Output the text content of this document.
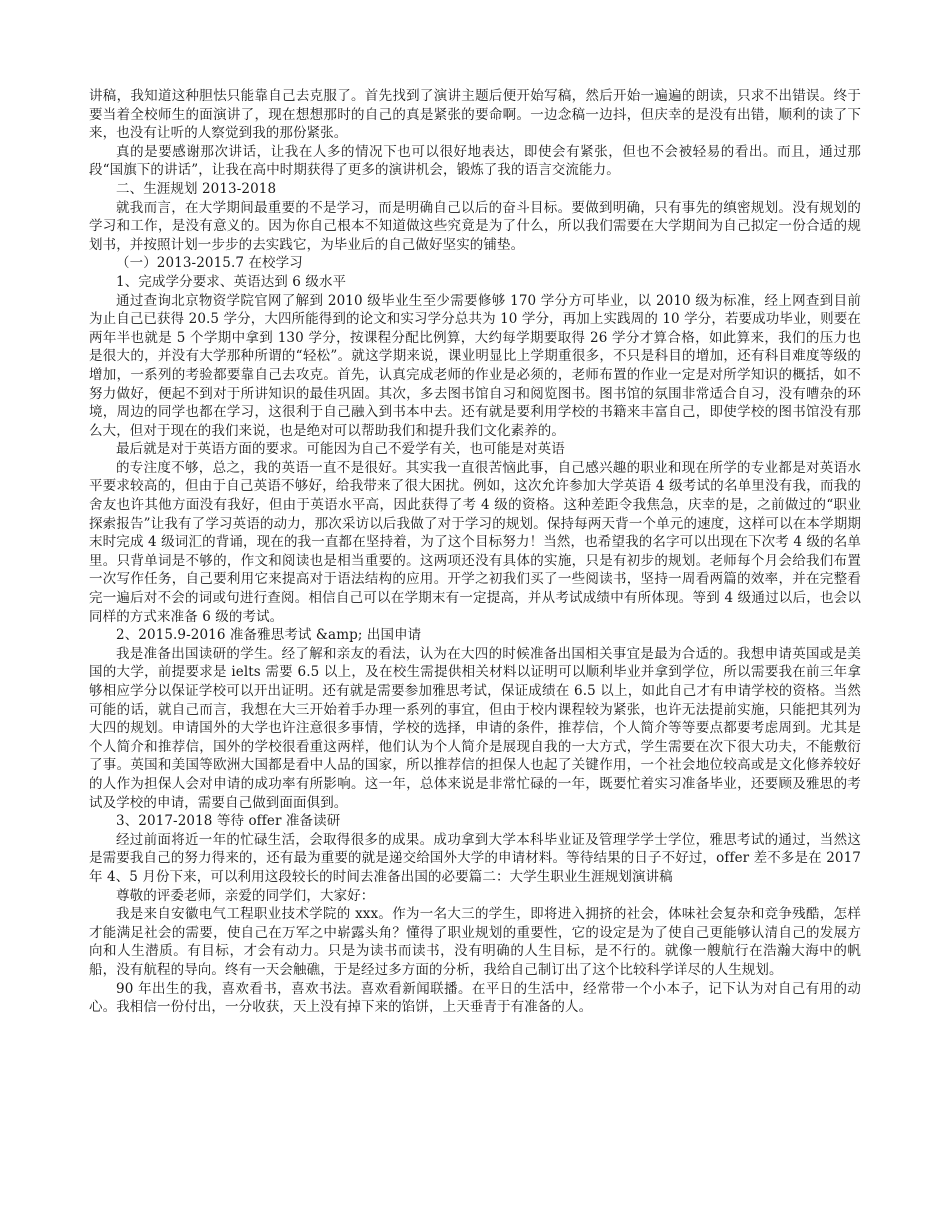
讲稿，我知道这种胆怯只能靠自己去克服了。首先找到了演讲主题后便开始写稿，然后开始一遍遍的朗读，只求不出错误。终于要当着全校师生的面演讲了，现在想想那时的自己的真是紧张的要命啊。一边念稿一边抖，但庆幸的是没有出错，顺利的读了下来，也没有让听的人察觉到我的那份紧张。

真的是要感谢那次讲话，让我在人多的情况下也可以很好地表达，即使会有紧张，但也不会被轻易的看出。而且，通过那段“国旗下的讲话”，让我在高中时期获得了更多的演讲机会，锻炼了我的语言交流能力。

二、生涯规划 2013-2018

就我而言，在大学期间最重要的不是学习，而是明确自己以后的奋斗目标。要做到明确，只有事先的缜密规划。没有规划的学习和工作，是没有意义的。因为你自己根本不知道做这些究竟是为了什么，所以我们需要在大学期间为自己拟定一份合适的规划书，并按照计划一步步的去实践它，为毕业后的自己做好坚实的铺垫。

（一）2013-2015.7 在校学习

1、完成学分要求、英语达到 6 级水平

通过查询北京物资学院官网了解到 2010 级毕业生至少需要修够 170 学分方可毕业，以 2010 级为标准，经上网查到目前为止自己已获得 20.5 学分，大四所能得到的论文和实习学分总共为 10 学分，再加上实践周的 10 学分，若要成功毕业，则要在两年半也就是 5 个学期中拿到 130 学分，按课程分配比例算，大约每学期要取得 26 学分才算合格，如此算来，我们的压力也是很大的，并没有大学那种所谓的“轻松”。就这学期来说，课业明显比上学期重很多，不只是科目的增加，还有科目难度等级的增加，一系列的考验都要靠自己去攻克。首先，认真完成老师的作业是必须的，老师布置的作业一定是对所学知识的概括，如不努力做好，便起不到对于所讲知识的最佳巩固。其次，多去图书馆自习和阅览图书。图书馆的氛围非常适合自习，没有嘈杂的环境，周边的同学也都在学习，这很利于自己融入到书本中去。还有就是要利用学校的书籍来丰富自己，即使学校的图书馆没有那么大，但对于现在的我们来说，也是绝对可以帮助我们和提升我们文化素养的。

最后就是对于英语方面的要求。可能因为自己不爱学有关，也可能是对英语

的专注度不够，总之，我的英语一直不是很好。其实我一直很苦恼此事，自己感兴趣的职业和现在所学的专业都是对英语水平要求较高的，但由于自己英语不够好，给我带来了很大困扰。例如，这次允许参加大学英语 4 级考试的名单里没有我，而我的舍友也许其他方面没有我好，但由于英语水平高，因此获得了考 4 级的资格。这种差距令我焦急，庆幸的是，之前做过的“职业探索报告”让我有了学习英语的动力，那次采访以后我做了对于学习的规划。保持每两天背一个单元的速度，这样可以在本学期期末时完成 4 级词汇的背诵，现在的我一直都在坚持着，为了这个目标努力！当然，也希望我的名字可以出现在下次考 4 级的名单里。只背单词是不够的，作文和阅读也是相当重要的。这两项还没有具体的实施，只是有初步的规划。老师每个月会给我们布置一次写作任务，自己要利用它来提高对于语法结构的应用。开学之初我们买了一些阅读书，坚持一周看两篇的效率，并在完整看完一遍后对不会的词或句进行查阅。相信自己可以在学期末有一定提高，并从考试成绩中有所体现。等到 4 级通过以后，也会以同样的方式来准备 6 级的考试。

2、2015.9-2016 准备雅思考试 &amp; 出国申请

我是准备出国读研的学生。经了解和亲友的看法，认为在大四的时候准备出国相关事宜是最为合适的。我想申请英国或是美国的大学，前提要求是 ielts 需要 6.5 以上，及在校生需提供相关材料以证明可以顺利毕业并拿到学位，所以需要我在前三年拿够相应学分以保证学校可以开出证明。还有就是需要参加雅思考试，保证成绩在 6.5 以上，如此自己才有申请学校的资格。当然可能的话，就自己而言，我想在大三开始着手办理一系列的事宜，但由于校内课程较为紧张，也许无法提前实施，只能把其列为大四的规划。申请国外的大学也许注意很多事情，学校的选择，申请的条件，推荐信，个人简介等等要点都要考虑周到。尤其是个人简介和推荐信，国外的学校很看重这两样，他们认为个人简介是展现自我的一大方式，学生需要在次下很大功夫，不能敷衍了事。英国和美国等欧洲大国都是看中人品的国家，所以推荐信的担保人也起了关键作用，一个社会地位较高或是文化修养较好的人作为担保人会对申请的成功率有所影响。这一年，总体来说是非常忙碌的一年，既要忙着实习准备毕业，还要顾及雅思的考试及学校的申请，需要自己做到面面俱到。

3、2017-2018 等待 offer 准备读研

经过前面将近一年的忙碌生活，会取得很多的成果。成功拿到大学本科毕业证及管理学学士学位，雅思考试的通过，当然这是需要我自己的努力得来的，还有最为重要的就是递交给国外大学的申请材料。等待结果的日子不好过，offer 差不多是在 2017 年 4、5 月份下来，可以利用这段较长的时间去准备出国的必要篇二：大学生职业生涯规划演讲稿

尊敬的评委老师，亲爱的同学们，大家好：

我是来自安徽电气工程职业技术学院的 xxx。作为一名大三的学生，即将进入拥挤的社会，体味社会复杂和竞争残酷，怎样才能满足社会的需要，使自己在万军之中崭露头角？懂得了职业规划的重要性，它的设定是为了使自己更能够认清自己的发展方向和人生潜质。有目标，才会有动力。只是为读书而读书，没有明确的人生目标，是不行的。就像一艘航行在浩瀚大海中的帆船，没有航程的导向。终有一天会触礁，于是经过多方面的分析，我给自己制订出了这个比较科学详尽的人生规划。

90 年出生的我，喜欢看书，喜欢书法。喜欢看新闻联播。在平日的生活中，经常带一个小本子，记下认为对自己有用的动心。我相信一份付出，一分收获，天上没有掉下来的馅饼，上天垂青于有准备的人。
